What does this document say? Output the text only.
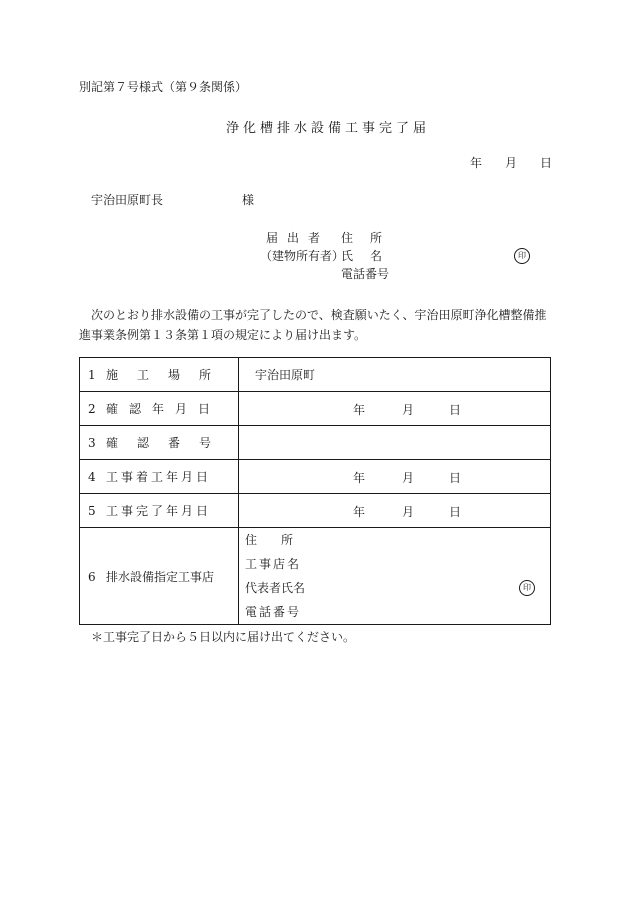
別記第７号様式（第９条関係）
浄化槽排水設備工事完了届
年 月 日
宇治田原町長	様
届出者 住所
（建物所有者）
氏名	印
電話番号
次のとおり排水設備の工事が完了したので、検査願いたく、宇治田原町浄化槽整備推進事業条例第１３条第１項の規定により届け出ます。
1 施工場所	宇治田原町
2 確認年月日	年 月 日

3 確認番号	
4 工事着工年月日	年 月 日

5 工事完了年月日	年 月 日

6 排水設備指定工事店	住　　所
工事店名
代表者氏名 印
電話番号
＊工事完了日から５日以内に届け出てください。
